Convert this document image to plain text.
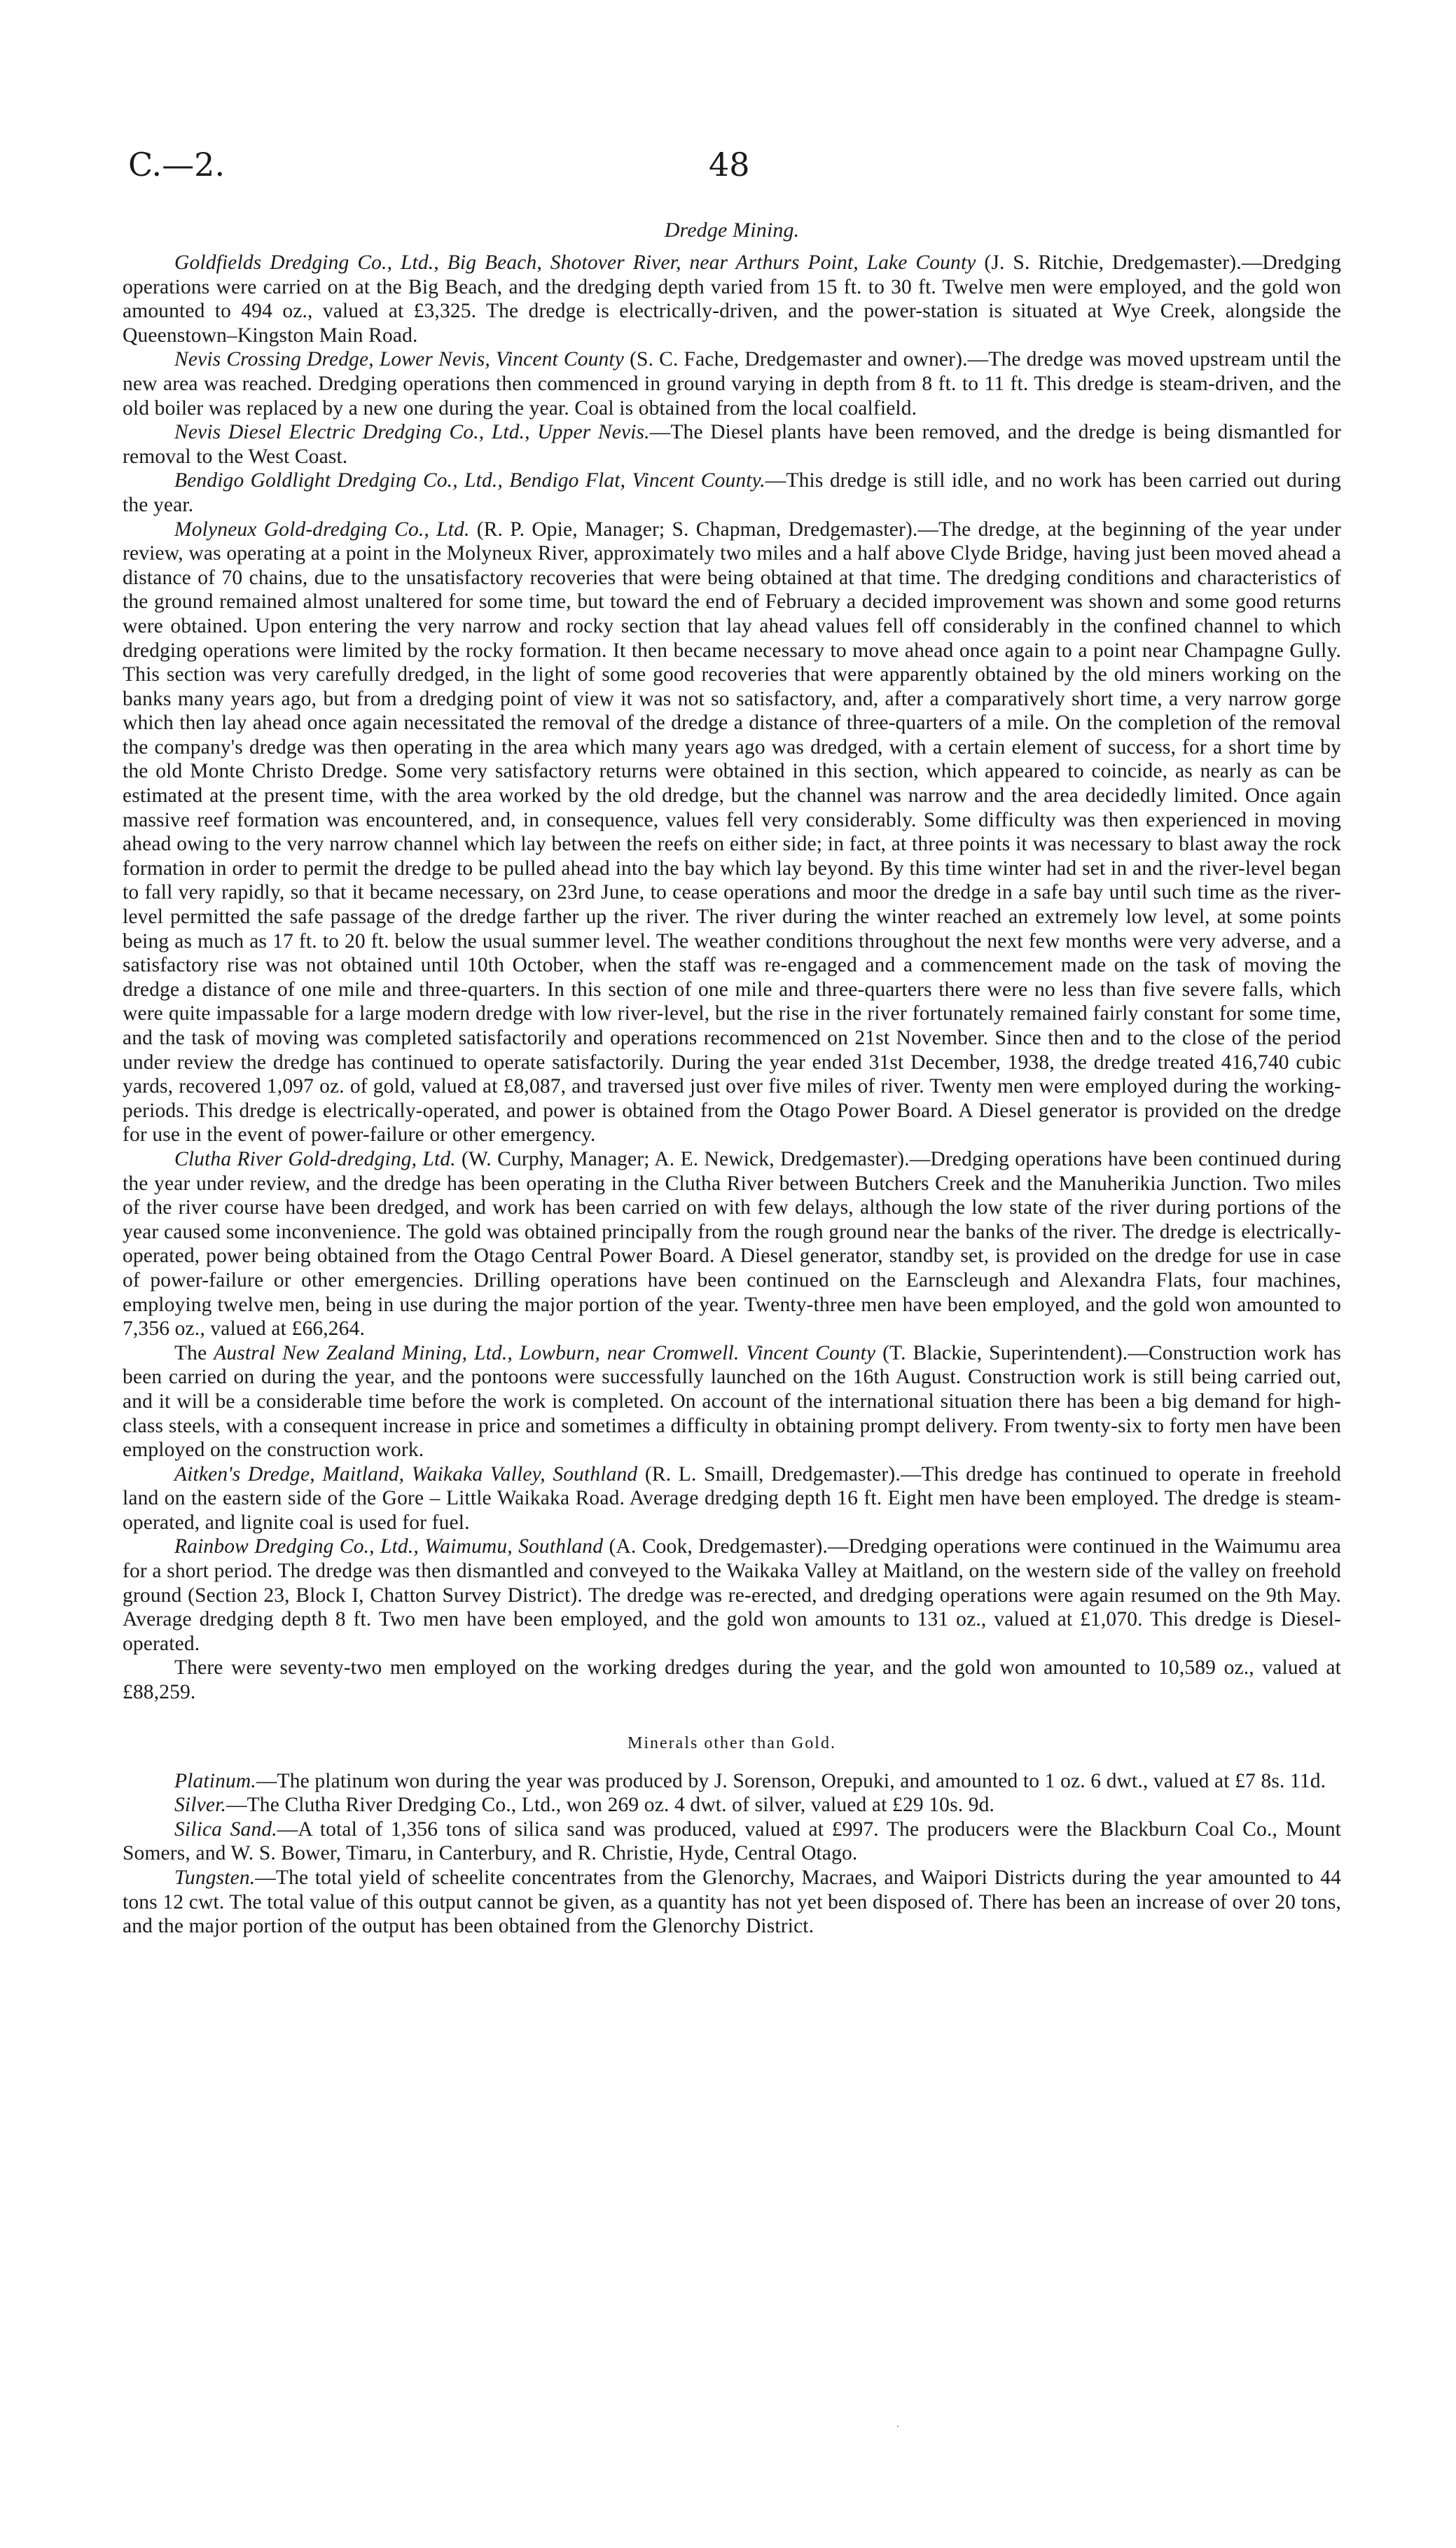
C.—2.	48
Dredge Mining.

Goldfields Dredging Co., Ltd., Big Beach, Shotover River, near Arthurs Point, Lake County (J. S. Ritchie, Dredgemaster).—Dredging operations were carried on at the Big Beach, and the dredging depth varied from 15 ft. to 30 ft. Twelve men were employed, and the gold won amounted to 494 oz., valued at £3,325. The dredge is electrically-driven, and the power-station is situated at Wye Creek, alongside the Queenstown–Kingston Main Road.

Nevis Crossing Dredge, Lower Nevis, Vincent County (S. C. Fache, Dredgemaster and owner).—The dredge was moved upstream until the new area was reached. Dredging operations then commenced in ground varying in depth from 8 ft. to 11 ft. This dredge is steam-driven, and the old boiler was replaced by a new one during the year. Coal is obtained from the local coalfield.

Nevis Diesel Electric Dredging Co., Ltd., Upper Nevis.—The Diesel plants have been removed, and the dredge is being dismantled for removal to the West Coast.

Bendigo Goldlight Dredging Co., Ltd., Bendigo Flat, Vincent County.—This dredge is still idle, and no work has been carried out during the year.

Molyneux Gold-dredging Co., Ltd. (R. P. Opie, Manager; S. Chapman, Dredgemaster).—The dredge, at the beginning of the year under review, was operating at a point in the Molyneux River, approximately two miles and a half above Clyde Bridge, having just been moved ahead a distance of 70 chains, due to the unsatisfactory recoveries that were being obtained at that time. The dredging conditions and characteristics of the ground remained almost unaltered for some time, but toward the end of February a decided improvement was shown and some good returns were obtained. Upon entering the very narrow and rocky section that lay ahead values fell off considerably in the confined channel to which dredging operations were limited by the rocky formation. It then became necessary to move ahead once again to a point near Champagne Gully. This section was very carefully dredged, in the light of some good recoveries that were apparently obtained by the old miners working on the banks many years ago, but from a dredging point of view it was not so satisfactory, and, after a comparatively short time, a very narrow gorge which then lay ahead once again necessitated the removal of the dredge a distance of three-quarters of a mile. On the completion of the removal the company's dredge was then operating in the area which many years ago was dredged, with a certain element of success, for a short time by the old Monte Christo Dredge. Some very satisfactory returns were obtained in this section, which appeared to coincide, as nearly as can be estimated at the present time, with the area worked by the old dredge, but the channel was narrow and the area decidedly limited. Once again massive reef formation was encountered, and, in consequence, values fell very considerably. Some difficulty was then experienced in moving ahead owing to the very narrow channel which lay between the reefs on either side; in fact, at three points it was necessary to blast away the rock formation in order to permit the dredge to be pulled ahead into the bay which lay beyond. By this time winter had set in and the river-level began to fall very rapidly, so that it became necessary, on 23rd June, to cease operations and moor the dredge in a safe bay until such time as the river-level permitted the safe passage of the dredge farther up the river. The river during the winter reached an extremely low level, at some points being as much as 17 ft. to 20 ft. below the usual summer level. The weather conditions throughout the next few months were very adverse, and a satisfactory rise was not obtained until 10th October, when the staff was re-engaged and a commencement made on the task of moving the dredge a distance of one mile and three-quarters. In this section of one mile and three-quarters there were no less than five severe falls, which were quite impassable for a large modern dredge with low river-level, but the rise in the river fortunately remained fairly constant for some time, and the task of moving was completed satisfactorily and operations recommenced on 21st November. Since then and to the close of the period under review the dredge has continued to operate satisfactorily. During the year ended 31st December, 1938, the dredge treated 416,740 cubic yards, recovered 1,097 oz. of gold, valued at £8,087, and traversed just over five miles of river. Twenty men were employed during the working-periods. This dredge is electrically-operated, and power is obtained from the Otago Power Board. A Diesel generator is provided on the dredge for use in the event of power-failure or other emergency.

Clutha River Gold-dredging, Ltd. (W. Curphy, Manager; A. E. Newick, Dredgemaster).—Dredging operations have been continued during the year under review, and the dredge has been operating in the Clutha River between Butchers Creek and the Manuherikia Junction. Two miles of the river course have been dredged, and work has been carried on with few delays, although the low state of the river during portions of the year caused some inconvenience. The gold was obtained principally from the rough ground near the banks of the river. The dredge is electrically-operated, power being obtained from the Otago Central Power Board. A Diesel generator, standby set, is provided on the dredge for use in case of power-failure or other emergencies. Drilling operations have been continued on the Earnscleugh and Alexandra Flats, four machines, employing twelve men, being in use during the major portion of the year. Twenty-three men have been employed, and the gold won amounted to 7,356 oz., valued at £66,264.

The Austral New Zealand Mining, Ltd., Lowburn, near Cromwell. Vincent County (T. Blackie, Superintendent).—Construction work has been carried on during the year, and the pontoons were successfully launched on the 16th August. Construction work is still being carried out, and it will be a considerable time before the work is completed. On account of the international situation there has been a big demand for high-class steels, with a consequent increase in price and sometimes a difficulty in obtaining prompt delivery. From twenty-six to forty men have been employed on the construction work.

Aitken's Dredge, Maitland, Waikaka Valley, Southland (R. L. Smaill, Dredgemaster).—This dredge has continued to operate in freehold land on the eastern side of the Gore – Little Waikaka Road. Average dredging depth 16 ft. Eight men have been employed. The dredge is steam-operated, and lignite coal is used for fuel.

Rainbow Dredging Co., Ltd., Waimumu, Southland (A. Cook, Dredgemaster).—Dredging operations were continued in the Waimumu area for a short period. The dredge was then dismantled and conveyed to the Waikaka Valley at Maitland, on the western side of the valley on freehold ground (Section 23, Block I, Chatton Survey District). The dredge was re-erected, and dredging operations were again resumed on the 9th May. Average dredging depth 8 ft. Two men have been employed, and the gold won amounts to 131 oz., valued at £1,070. This dredge is Diesel-operated.

There were seventy-two men employed on the working dredges during the year, and the gold won amounted to 10,589 oz., valued at £88,259.

Minerals other than Gold.

Platinum.—The platinum won during the year was produced by J. Sorenson, Orepuki, and amounted to 1 oz. 6 dwt., valued at £7 8s. 11d.

Silver.—The Clutha River Dredging Co., Ltd., won 269 oz. 4 dwt. of silver, valued at £29 10s. 9d.

Silica Sand.—A total of 1,356 tons of silica sand was produced, valued at £997. The producers were the Blackburn Coal Co., Mount Somers, and W. S. Bower, Timaru, in Canterbury, and R. Christie, Hyde, Central Otago.

Tungsten.—The total yield of scheelite concentrates from the Glenorchy, Macraes, and Waipori Districts during the year amounted to 44 tons 12 cwt. The total value of this output cannot be given, as a quantity has not yet been disposed of. There has been an increase of over 20 tons, and the major portion of the output has been obtained from the Glenorchy District.

.
